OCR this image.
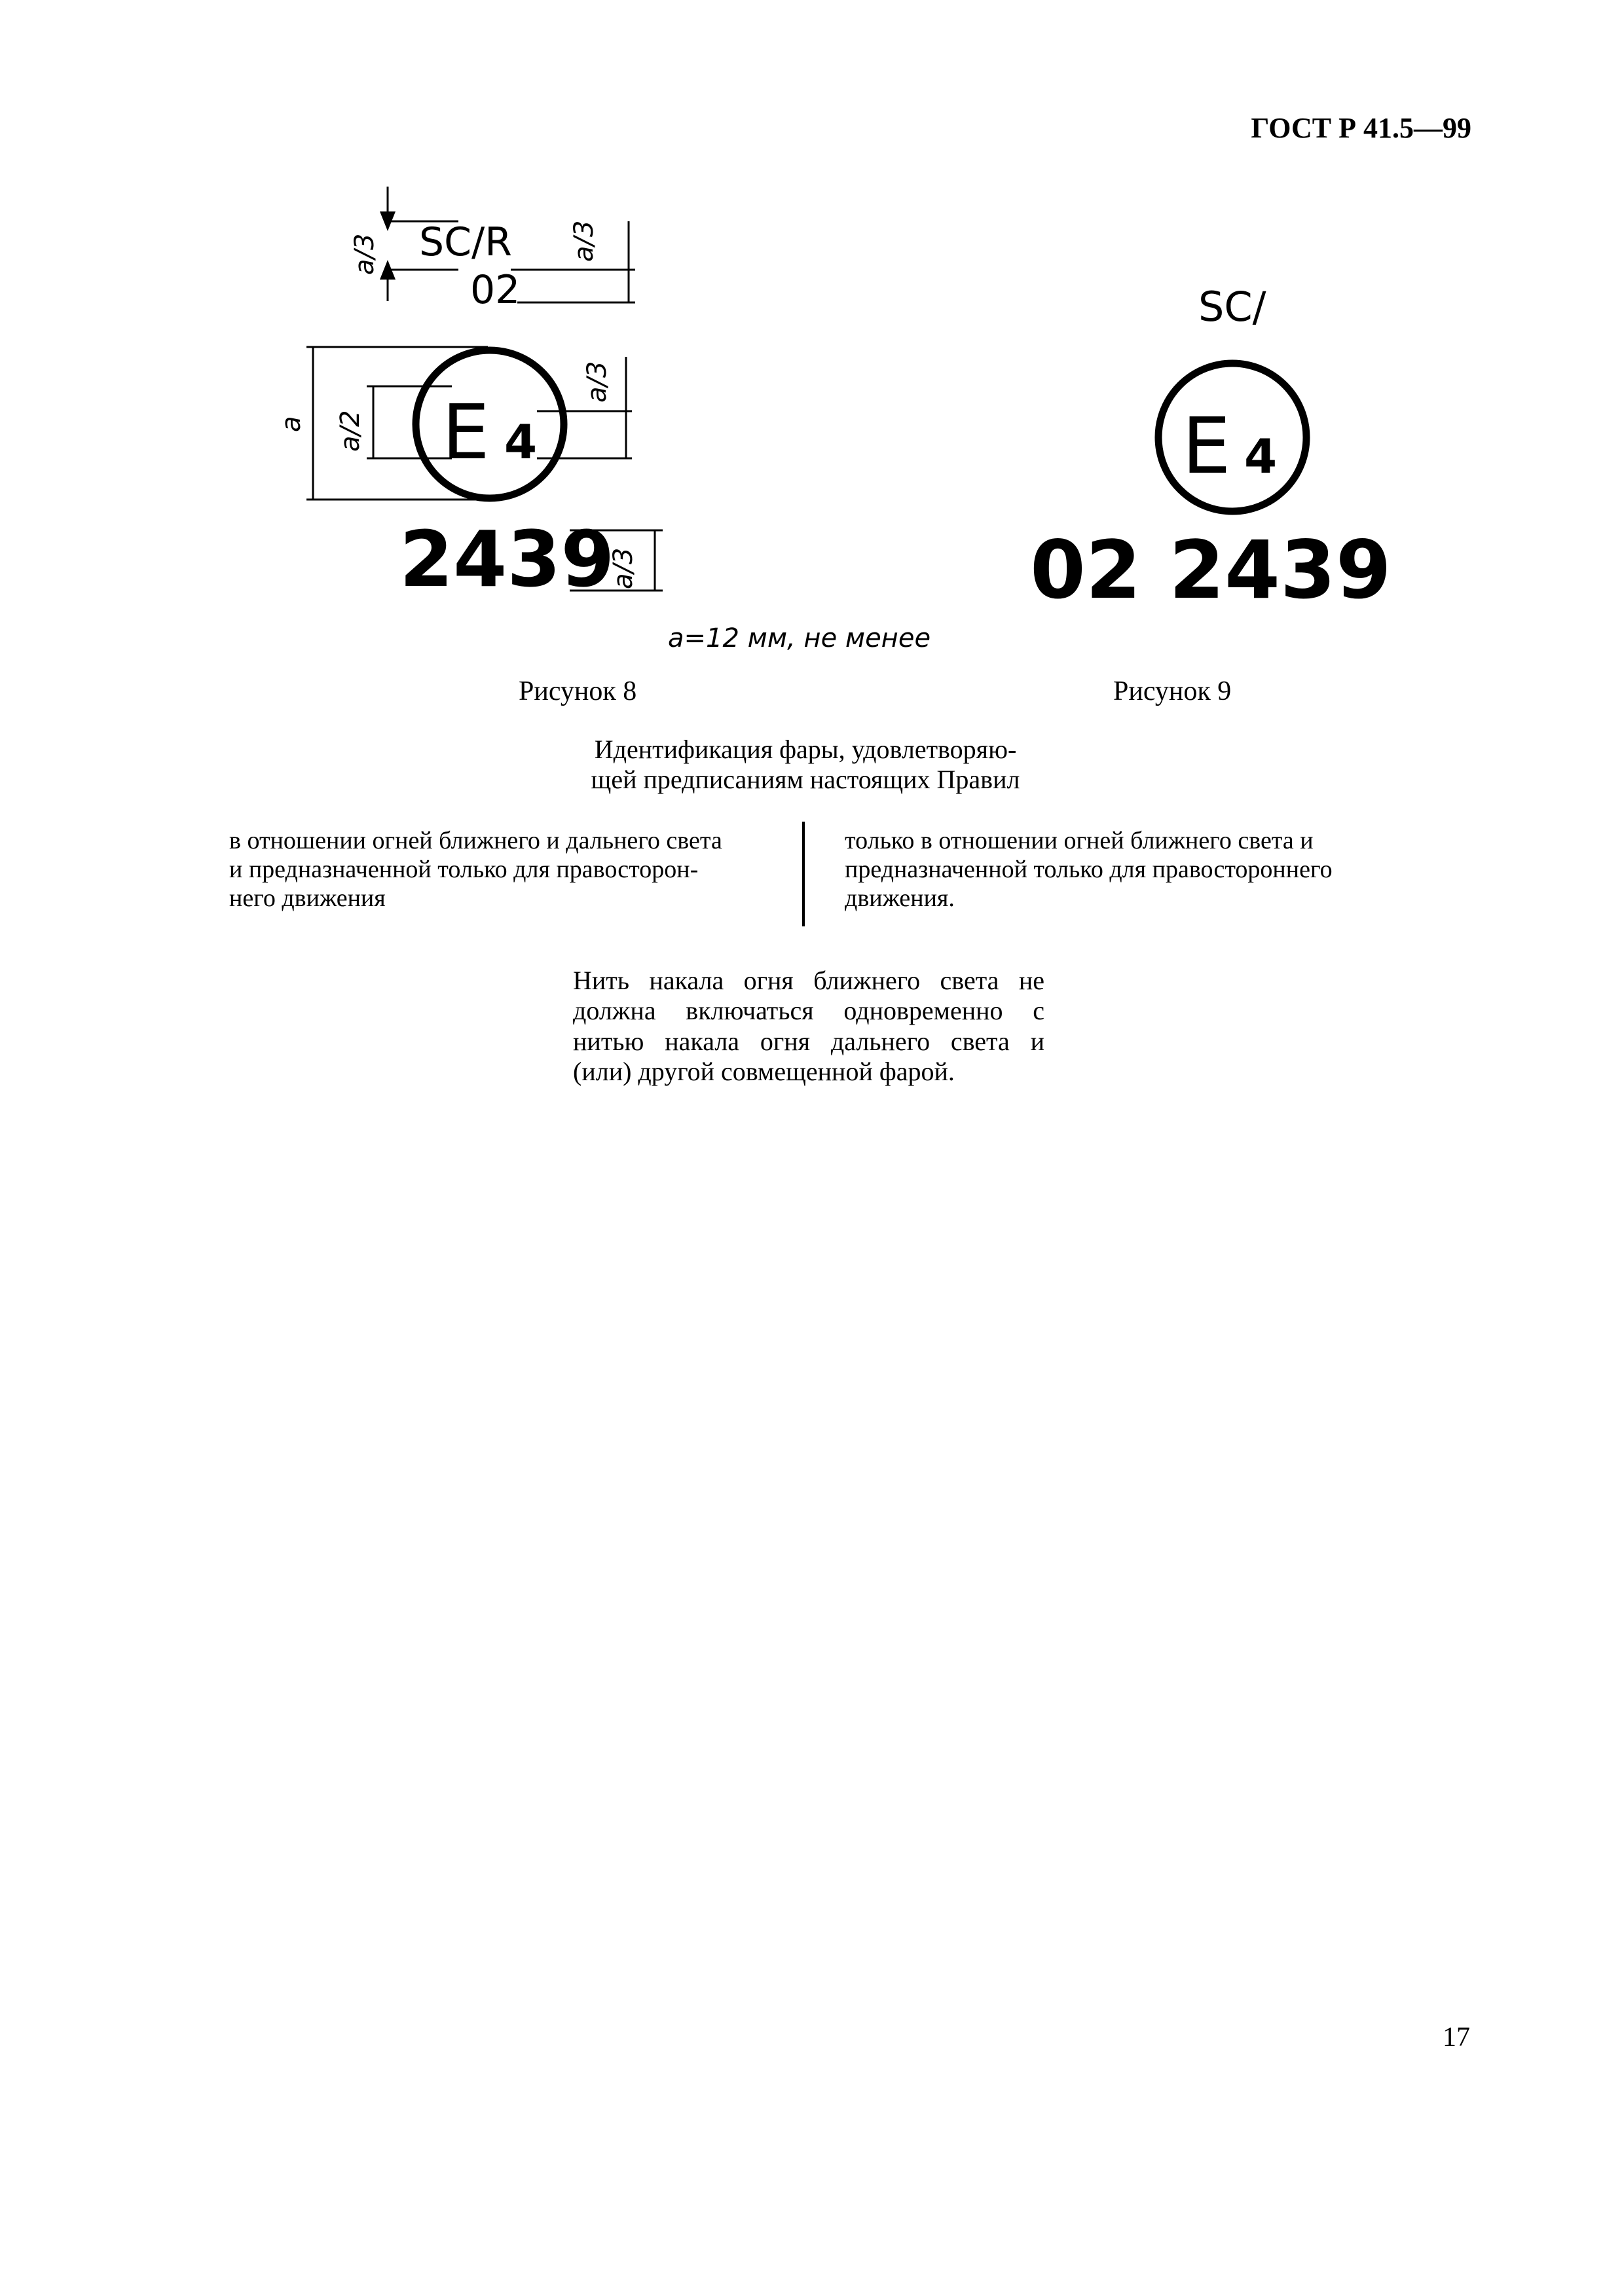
ГОСТ Р 41.5—99
SC/R
02
E 4
2439
a/3	a/3
a a/2
a/3
a/3
SC/
E 4
02 2439
a=12 мм, не менее
Рисунок 8	Рисунок 9
Идентификация фары, удовлетворяю-
щей предписаниям настоящих Правил
в отношении огней ближнего и дальнего света
и предназначенной только для правосторон-
него движения
только в отношении огней ближнего света и
предназначенной только для правостороннего
движения.
Нить накала огня ближнего света не
должна включаться одновременно с
нитью накала огня дальнего света и
(или) другой совмещенной фарой.
17
